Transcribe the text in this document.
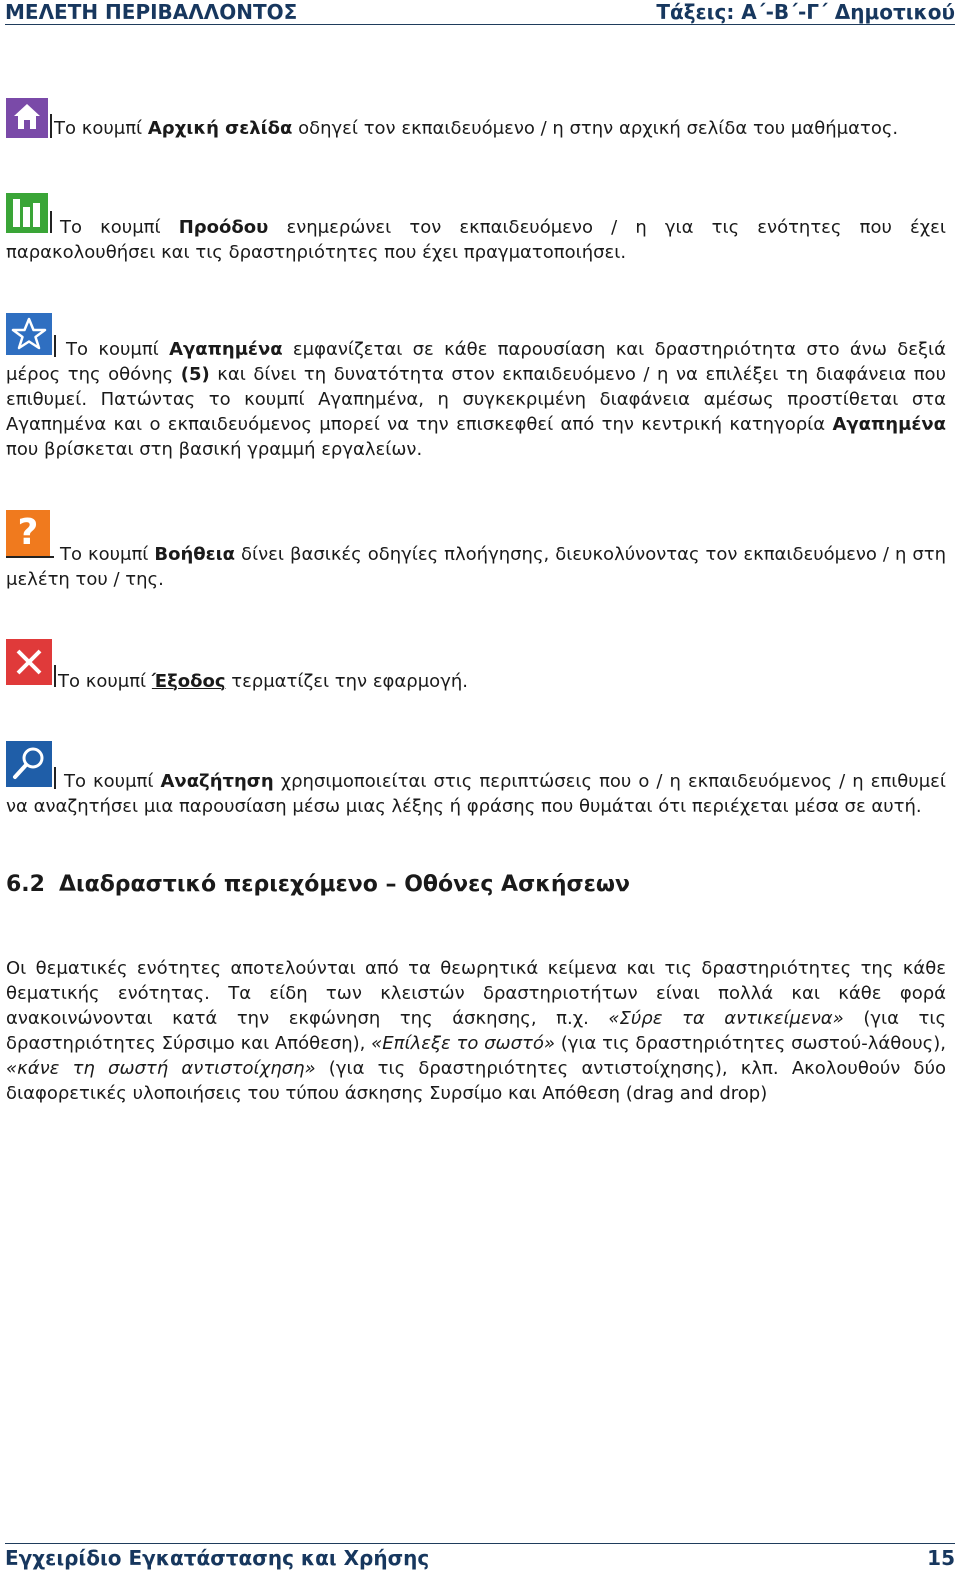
ΜΕΛΕΤΗ ΠΕΡΙΒΑΛΛΟΝΤΟΣ	Τάξεις: Α΄-Β΄-Γ΄ Δημοτικού
Το κουμπί Αρχική σελίδα οδηγεί τον εκπαιδευόμενο / η στην αρχική σελίδα του μαθήματος.
Το κουμπί Προόδου ενημερώνει τον εκπαιδευόμενο / η για τις ενότητες που έχει παρακολουθήσει και τις δραστηριότητες που έχει πραγματοποιήσει.
Το κουμπί Αγαπημένα εμφανίζεται σε κάθε παρουσίαση και δραστηριότητα στο άνω δεξιά μέρος της οθόνης (5) και δίνει τη δυνατότητα στον εκπαιδευόμενο / η να επιλέξει τη διαφάνεια που επιθυμεί. Πατώντας το κουμπί Αγαπημένα, η συγκεκριμένη διαφάνεια αμέσως προστίθεται στα Αγαπημένα και ο εκπαιδευόμενος μπορεί να την επισκεφθεί από την κεντρική κατηγορία Αγαπημένα που βρίσκεται στη βασική γραμμή εργαλείων.
?
Το κουμπί Βοήθεια δίνει βασικές οδηγίες πλοήγησης, διευκολύνοντας τον εκπαιδευόμενο / η στη μελέτη του / της.
Το κουμπί Έξοδος τερματίζει την εφαρμογή.
Το κουμπί Αναζήτηση χρησιμοποιείται στις περιπτώσεις που ο / η εκπαιδευόμενος / η επιθυμεί να αναζητήσει μια παρουσίαση μέσω μιας λέξης ή φράσης που θυμάται ότι περιέχεται μέσα σε αυτή.
6.2 Διαδραστικό περιεχόμενο – Οθόνες Ασκήσεων
Οι θεματικές ενότητες αποτελούνται από τα θεωρητικά κείμενα και τις δραστηριότητες της κάθε θεματικής ενότητας. Τα είδη των κλειστών δραστηριοτήτων είναι πολλά και κάθε φορά ανακοινώνονται κατά την εκφώνηση της άσκησης, π.χ. «Σύρε τα αντικείμενα» (για τις δραστηριότητες Σύρσιμο και Απόθεση), «Επίλεξε το σωστό» (για τις δραστηριότητες σωστού-λάθους), «κάνε τη σωστή αντιστοίχηση» (για τις δραστηριότητες αντιστοίχησης), κλπ. Ακολουθούν δύο διαφορετικές υλοποιήσεις του τύπου άσκησης Συρσίμο και Απόθεση (drag and drop)
Εγχειρίδιο Εγκατάστασης και Χρήσης	15
